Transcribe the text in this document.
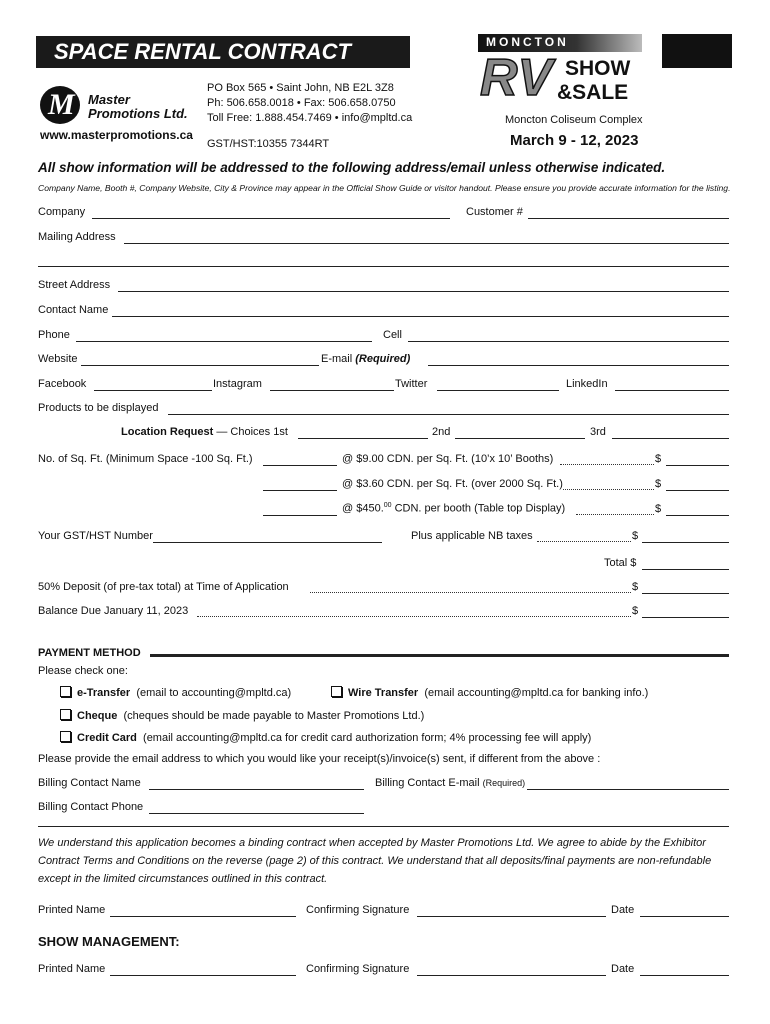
SPACE RENTAL CONTRACT
M Master
Promotions Ltd.
www.masterpromotions.ca
PO Box 565 • Saint John, NB E2L 3Z8
Ph: 506.658.0018 • Fax: 506.658.0750
Toll Free: 1.888.454.7469 • info@mpltd.ca
GST/HST:10355 7344RT
MONCTON
RV SHOW
&SALE
Moncton Coliseum Complex
March 9 - 12, 2023
All show information will be addressed to the following address/email unless otherwise indicated.
Company Name, Booth #, Company Website, City & Province may appear in the Official Show Guide or visitor handout. Please ensure you provide accurate information for the listing.
Company	Customer #
Mailing Address
Street Address
Contact Name
Phone	Cell
Website	E-mail (Required)
Facebook	Instagram	Twitter	LinkedIn
Products to be displayed
Location Request — Choices 1st	2nd	3rd
No. of Sq. Ft. (Minimum Space -100 Sq. Ft.)	@ $9.00 CDN. per Sq. Ft. (10’x 10’ Booths)	$
@ $3.60 CDN. per Sq. Ft. (over 2000 Sq. Ft.)	$
@ $450.00 CDN. per booth (Table top Display)	$
Your GST/HST Number	Plus applicable NB taxes	$
Total $
50% Deposit (of pre-tax total) at Time of Application	$
Balance Due January 11, 2023	$
PAYMENT METHOD
Please check one:
e-Transfer (email to accounting@mpltd.ca)	Wire Transfer (email accounting@mpltd.ca for banking info.)
Cheque (cheques should be made payable to Master Promotions Ltd.)
Credit Card (email accounting@mpltd.ca for credit card authorization form; 4% processing fee will apply)
Please provide the email address to which you would like your receipt(s)/invoice(s) sent, if different from the above :
Billing Contact Name	Billing Contact E-mail (Required)
Billing Contact Phone
We understand this application becomes a binding contract when accepted by Master Promotions Ltd. We agree to abide by the Exhibitor Contract Terms and Conditions on the reverse (page 2) of this contract. We understand that all deposits/final payments are non-refundable except in the limited circumstances outlined in this contract.
Printed Name	Confirming Signature	Date
SHOW MANAGEMENT:
Printed Name	Confirming Signature	Date
